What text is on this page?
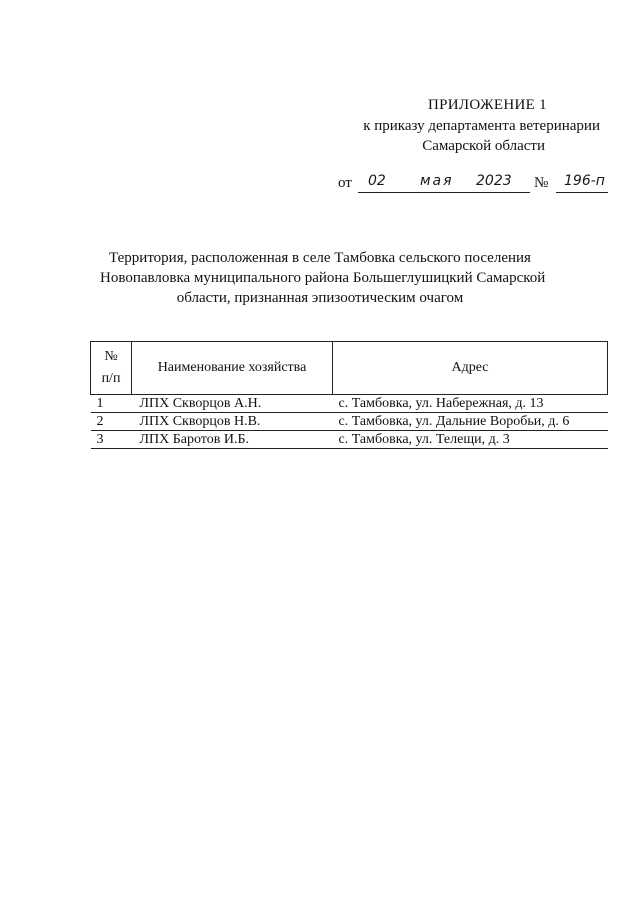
ПРИЛОЖЕНИЕ 1
к приказу департамента ветеринарии
Самарской области
от 02 мая 2023 № 196-п
Территория, расположенная в селе Тамбовка сельского поселения
Новопавловка муниципального района Большеглушицкий Самарской
области, признанная эпизоотическим очагом
№
п/п	Наименование хозяйства	Адрес
1	ЛПХ Скворцов А.Н.	с. Тамбовка, ул. Набережная, д. 13
2	ЛПХ Скворцов Н.В.	с. Тамбовка, ул. Дальние Воробьи, д. 6
3	ЛПХ Баротов И.Б.	с. Тамбовка, ул. Телещи, д. 3
